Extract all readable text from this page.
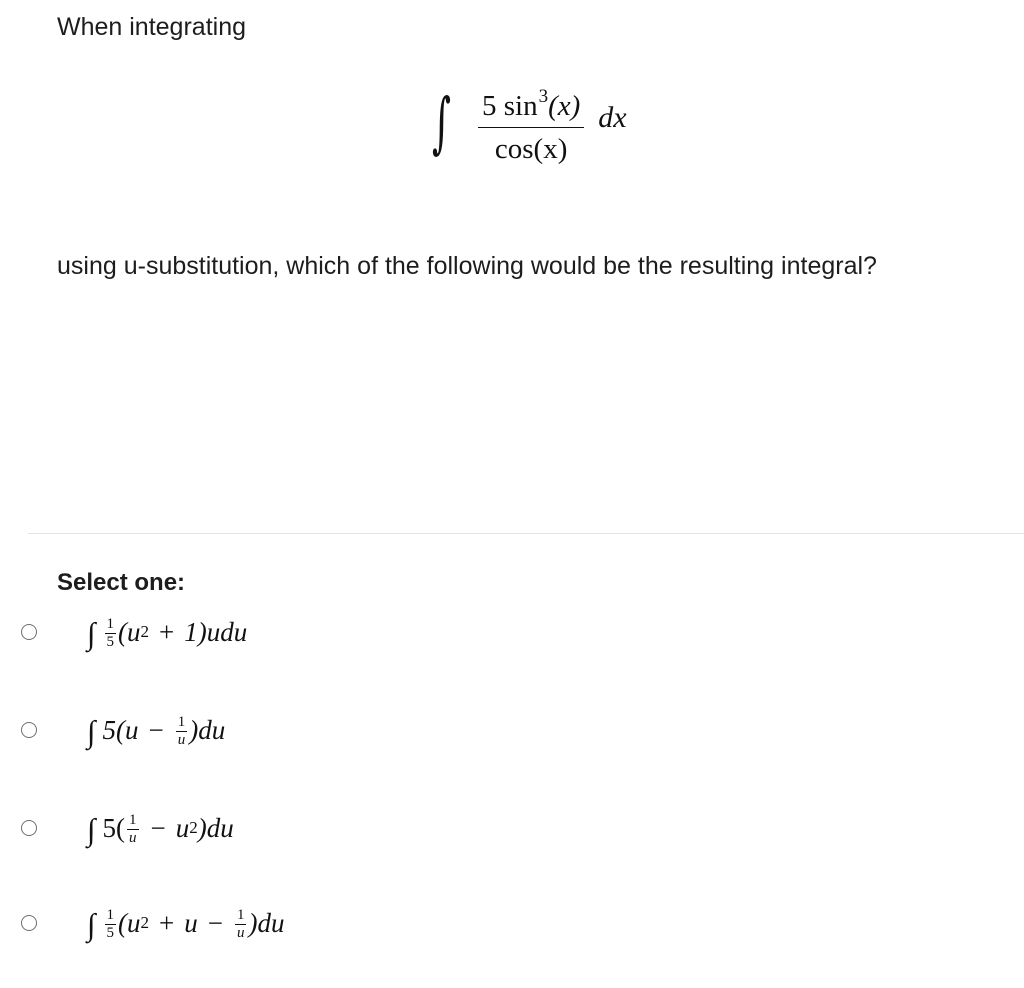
When integrating
∫ $\frac{5 \sin^3(x)}{\cos(x)}$ dx
using u-substitution, which of the following would be the resulting integral?
Select one:
∫ $\frac{1}{5} (u$ 2 + 1)udu
∫ $5(u - \frac{1}{u} )du$
∫ $5( \frac{1}{u} - u$ 2 )du
∫ $\frac{1}{5} (u$ $2 + u - \frac{1}{u} )du$
